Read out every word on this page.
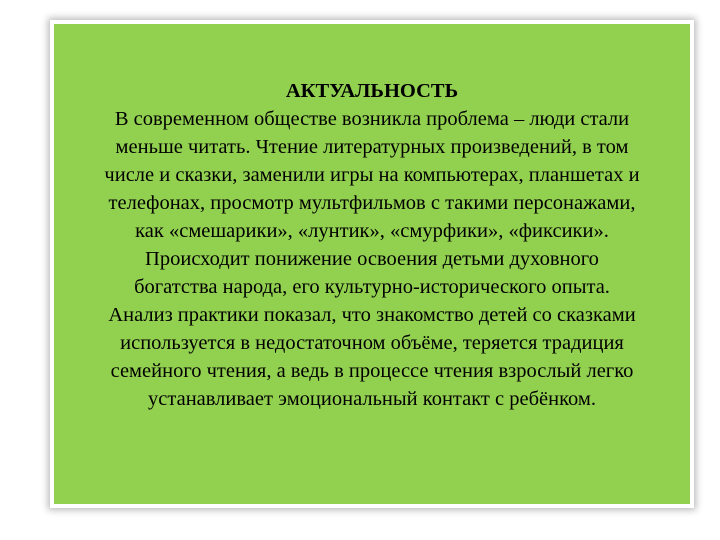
АКТУАЛЬНОСТЬ
В современном обществе возникла проблема – люди стали
меньше читать. Чтение литературных произведений, в том
числе и сказки, заменили игры на компьютерах, планшетах и
телефонах, просмотр мультфильмов с такими персонажами,
как «смешарики», «лунтик», «смурфики», «фиксики».
Происходит понижение освоения детьми духовного
богатства народа, его культурно-исторического опыта.
Анализ практики показал, что знакомство детей со сказками
используется в недостаточном объёме, теряется традиция
семейного чтения, а ведь в процессе чтения взрослый легко
устанавливает эмоциональный контакт с ребёнком.
